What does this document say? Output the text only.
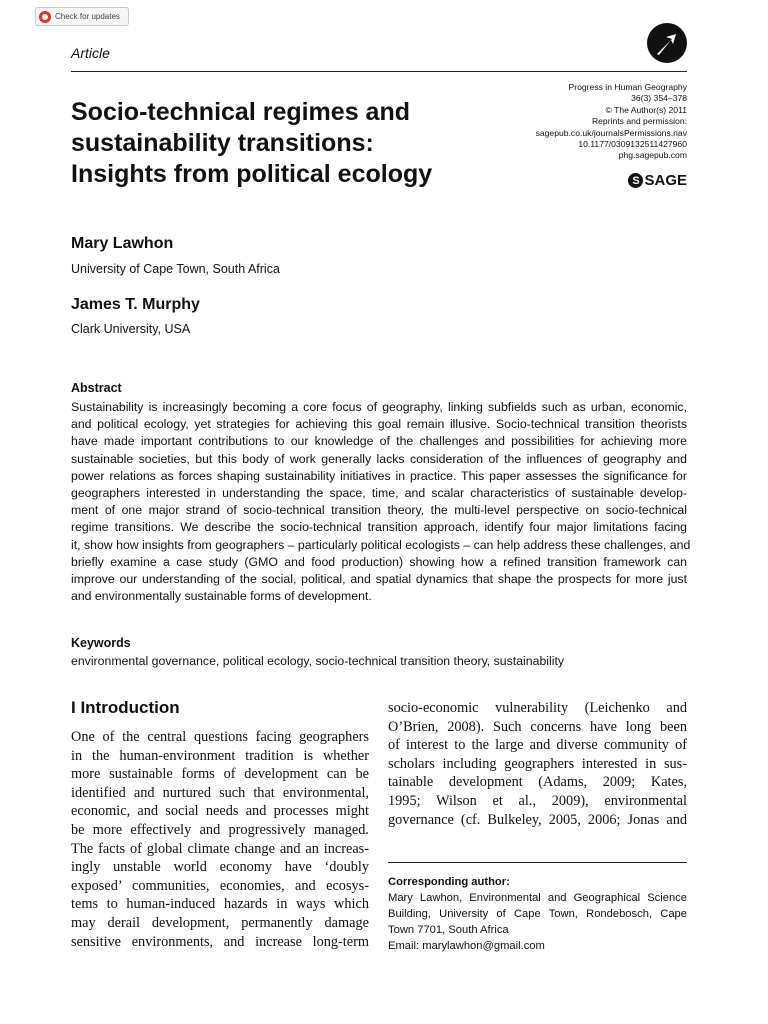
Check for updates
Article
Socio-technical regimes and
sustainability transitions:
Insights from political ecology
Progress in Human Geography
36(3) 354–378
© The Author(s) 2011
Reprints and permission:
sagepub.co.uk/journalsPermissions.nav
10.1177/0309132511427960
phg.sagepub.com
S SAGE
Mary Lawhon
University of Cape Town, South Africa
James T. Murphy
Clark University, USA
Abstract
Sustainability is increasingly becoming a core focus of geography, linking subfields such as urban, economic,
and political ecology, yet strategies for achieving this goal remain illusive. Socio-technical transition theorists
have made important contributions to our knowledge of the challenges and possibilities for achieving more
sustainable societies, but this body of work generally lacks consideration of the influences of geography and
power relations as forces shaping sustainability initiatives in practice. This paper assesses the significance for
geographers interested in understanding the space, time, and scalar characteristics of sustainable develop-
ment of one major strand of socio-technical transition theory, the multi-level perspective on socio-technical
regime transitions. We describe the socio-technical transition approach, identify four major limitations facing
it, show how insights from geographers – particularly political ecologists – can help address these challenges, and
briefly examine a case study (GMO and food production) showing how a refined transition framework can
improve our understanding of the social, political, and spatial dynamics that shape the prospects for more just
and environmentally sustainable forms of development.
Keywords
environmental governance, political ecology, socio-technical transition theory, sustainability
I Introduction
One of the central questions facing geographers
in the human-environment tradition is whether
more sustainable forms of development can be
identified and nurtured such that environmental,
economic, and social needs and processes might
be more effectively and progressively managed.
The facts of global climate change and an increas-
ingly unstable world economy have ‘doubly
exposed’ communities, economies, and ecosys-
tems to human-induced hazards in ways which
may derail development, permanently damage
sensitive environments, and increase long-term
socio-economic vulnerability (Leichenko and
O’Brien, 2008). Such concerns have long been
of interest to the large and diverse community of
scholars including geographers interested in sus-
tainable development (Adams, 2009; Kates,
1995; Wilson et al., 2009), environmental
governance (cf. Bulkeley, 2005, 2006; Jonas and
Corresponding author:
Mary Lawhon, Environmental and Geographical Science
Building, University of Cape Town, Rondebosch, Cape
Town 7701, South Africa
Email: marylawhon@gmail.com
